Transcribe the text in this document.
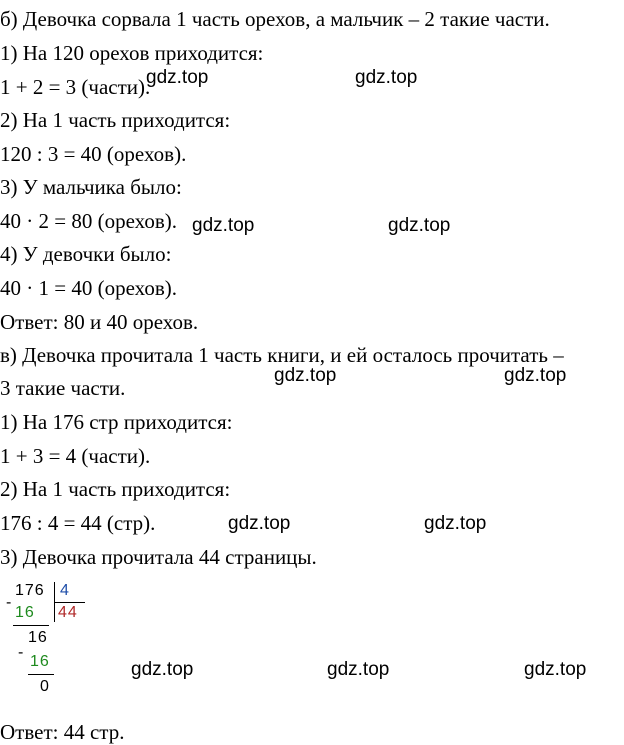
б) Девочка сорвала 1 часть орехов, а мальчик – 2 такие части.
1) На 120 орехов приходится:
1 + 2 = 3 (части).
2) На 1 часть приходится:
120 : 3 = 40 (орехов).
3) У мальчика было:
40 · 2 = 80 (орехов).
4) У девочки было:
40 · 1 = 40 (орехов).
Ответ: 80 и 40 орехов.
в) Девочка прочитала 1 часть книги, и ей осталось прочитать –
3 такие части.
1) На 176 стр приходится:
1 + 3 = 4 (части).
2) На 1 часть приходится:
176 : 4 = 44 (стр).
3) Девочка прочитала 44 страницы.
Ответ: 44 стр.
-
176 4
44
16
16
-
16
0
gdz.top	gdz.top
gdz.top	gdz.top
gdz.top	gdz.top
gdz.top	gdz.top
gdz.top	gdz.top	gdz.top
